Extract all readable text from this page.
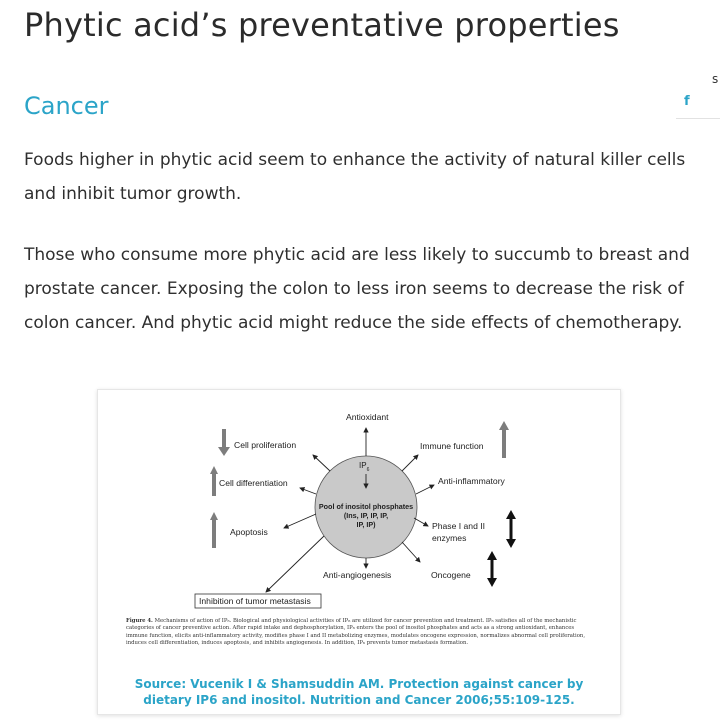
Phytic acid’s preventative properties
Cancer

Foods higher in phytic acid seem to enhance the activity of natural killer cells and inhibit tumor growth.

Those who consume more phytic acid are less likely to succumb to breast and prostate cancer. Exposing the colon to less iron seems to decrease the risk of colon cancer. And phytic acid might reduce the side effects of chemotherapy.

s
f
Antioxidant
Cell proliferation	Immune function
Cell differentiation	Anti-inflammatory
Apoptosis
Phase I and II
enzymes
Anti-angiogenesis	Oncogene
Inhibition of tumor metastasis
$IP_6$
Pool of inositol phosphates
(Ins, IP, IP, IP,
IP, IP)

Figure 4. Mechanisms of action of IP₆. Biological and physiological activities of IP₆ are utilized for cancer prevention and treatment. IP₆ satisfies all of the mechanistic categories of cancer preventive action. After rapid intake and dephosphorylation, IP₆ enters the pool of inositol phosphates and acts as a strong antioxidant, enhances immune function, elicits anti-inflammatory activity, modifies phase I and II metabolizing enzymes, modulates oncogene expression, normalizes abnormal cell proliferation, induces cell differentiation, induces apoptosis, and inhibits angiogenesis. In addition, IP₆ prevents tumor metastasis formation.

Source: Vucenik I & Shamsuddin AM. Protection against cancer by dietary IP6 and inositol. Nutrition and Cancer 2006;55:109-125.
